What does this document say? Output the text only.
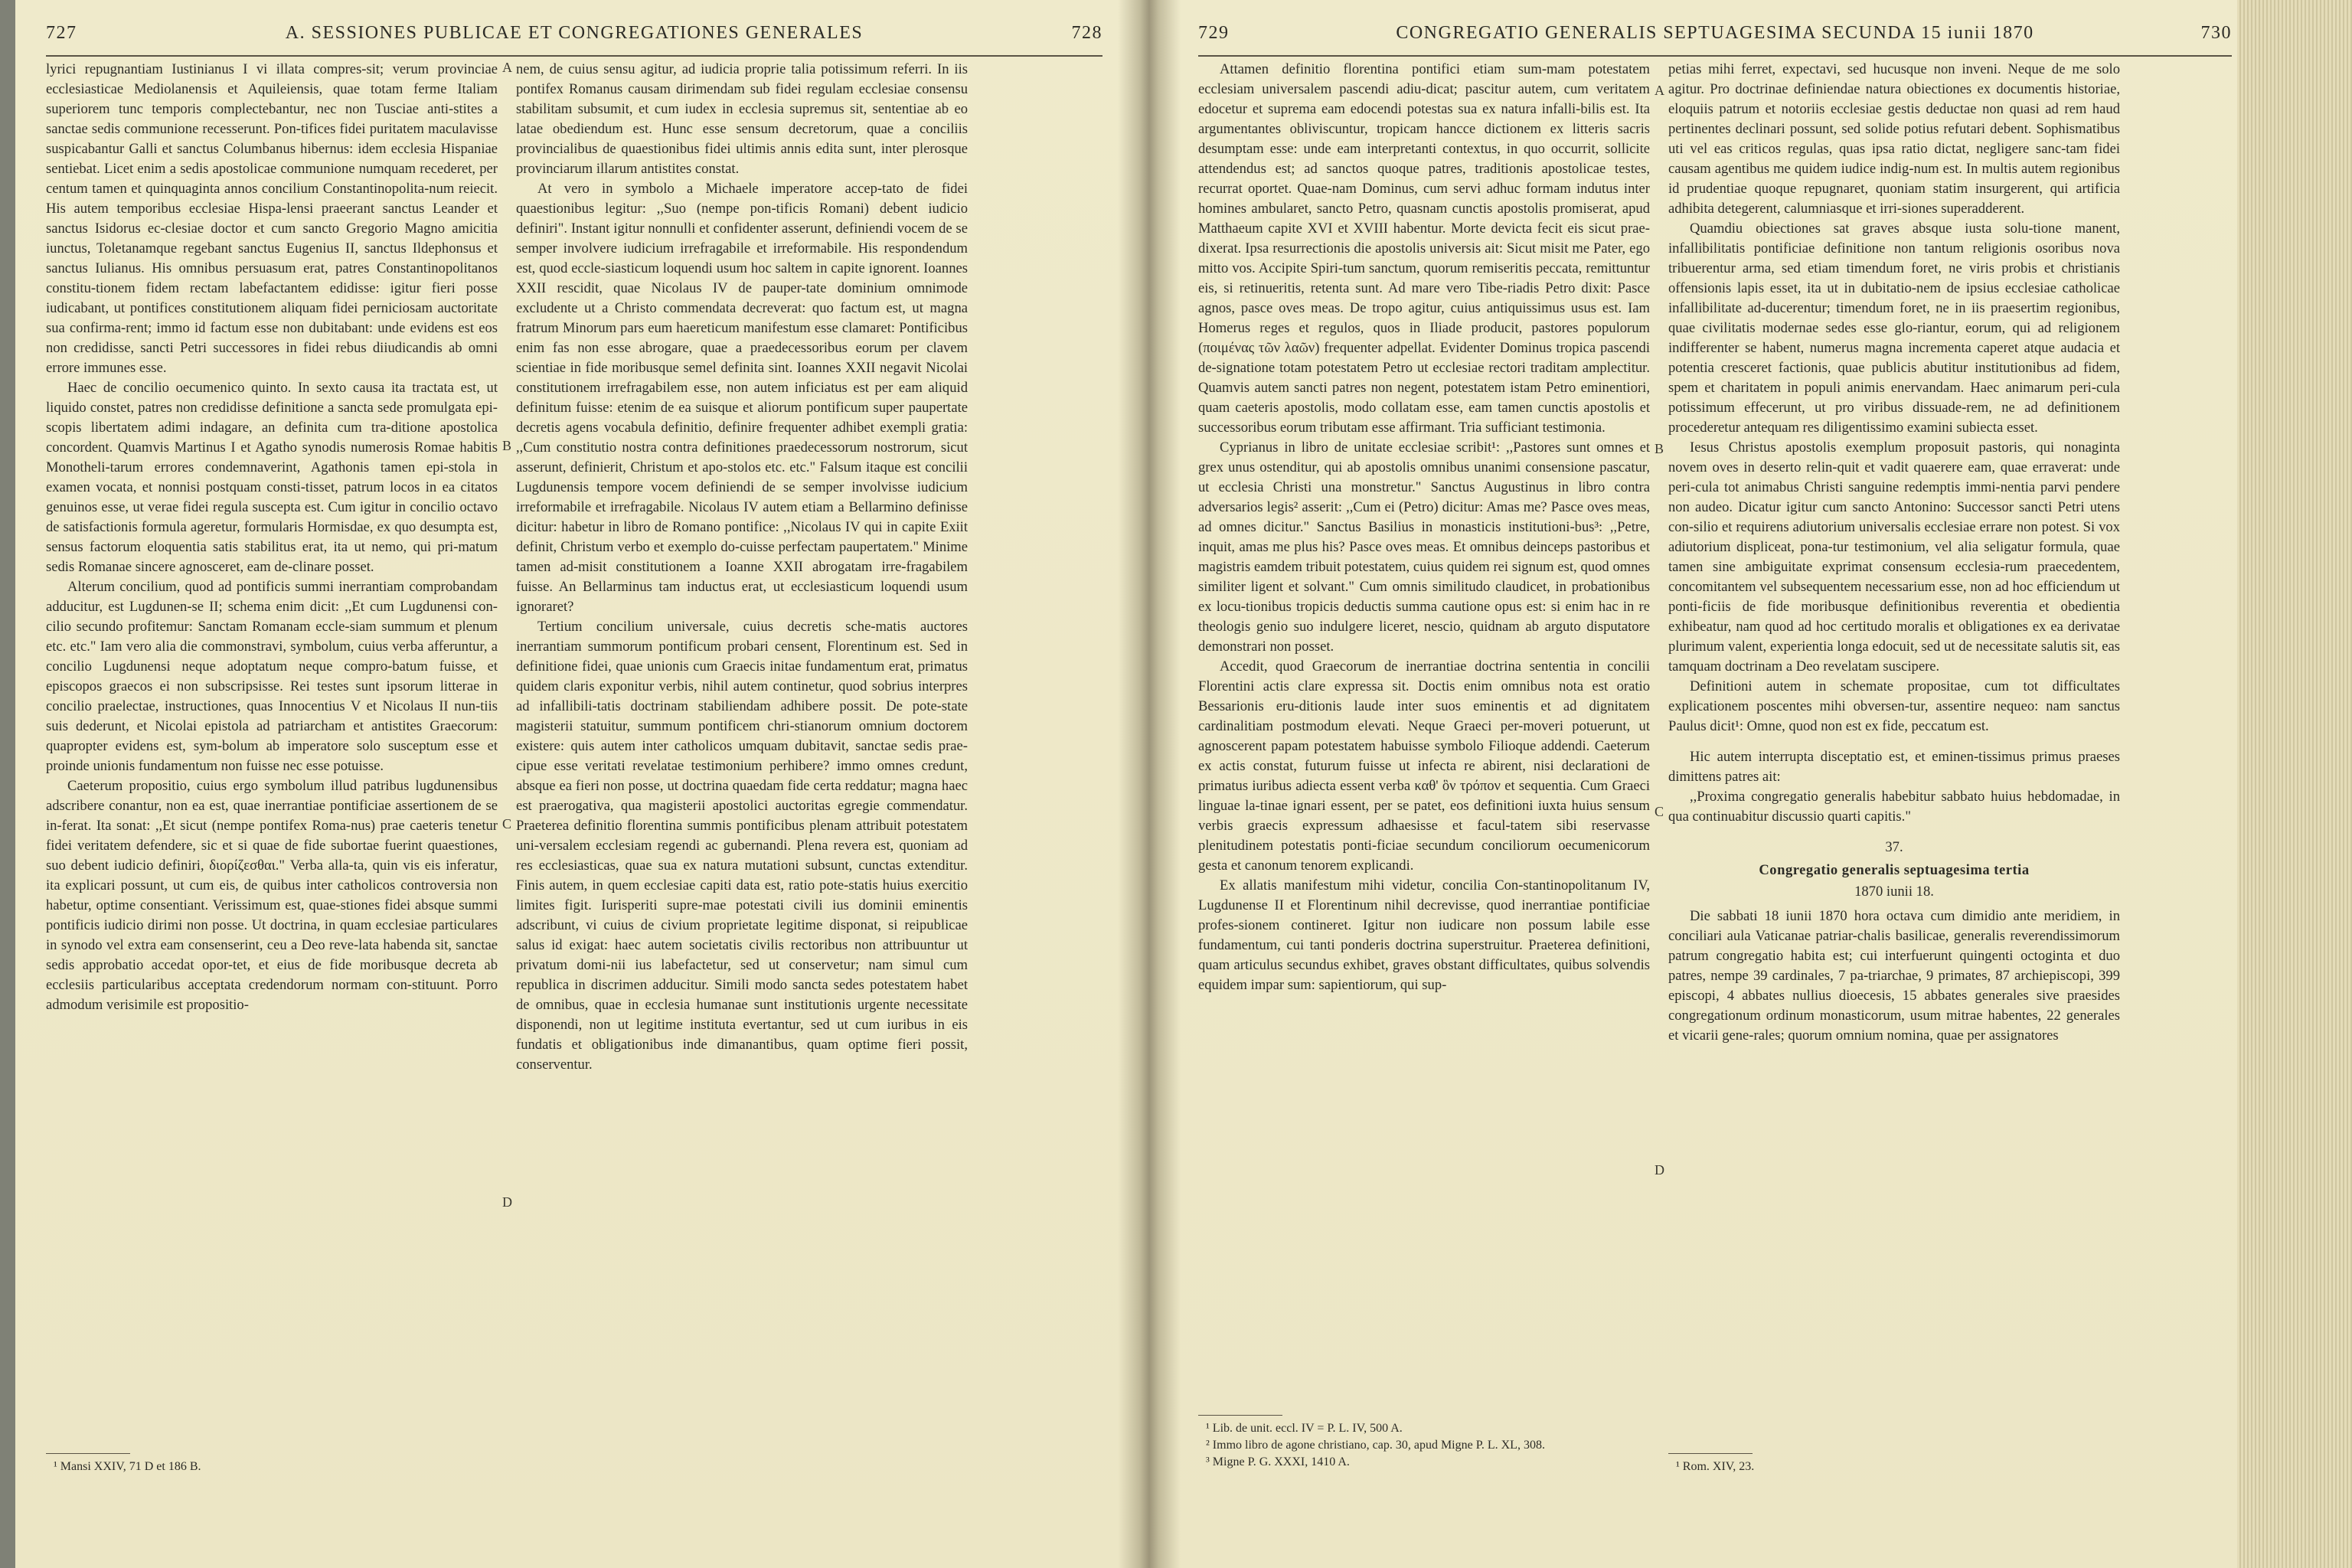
727	A. SESSIONES PUBLICAE ET CONGREGATIONES GENERALES	728

lyrici repugnantiam Iustinianus I vi illata compres-sit; verum provinciae ecclesiasticae Mediolanensis et Aquileiensis, quae totam ferme Italiam superiorem tunc temporis complectebantur, nec non Tusciae anti-stites a sanctae sedis communione recesserunt. Pon-tifices fidei puritatem maculavisse suspicabantur Galli et sanctus Columbanus hibernus: idem ecclesia Hispaniae sentiebat. Licet enim a sedis apostolicae communione numquam recederet, per centum tamen et quinquaginta annos concilium Constantinopolita-num reiecit. His autem temporibus ecclesiae Hispa-lensi praeerant sanctus Leander et sanctus Isidorus ec-clesiae doctor et cum sancto Gregorio Magno amicitia iunctus, Toletanamque regebant sanctus Eugenius II, sanctus Ildephonsus et sanctus Iulianus. His omnibus persuasum erat, patres Constantinopolitanos constitu-tionem fidem rectam labefactantem edidisse: igitur fieri posse iudicabant, ut pontifices constitutionem aliquam fidei perniciosam auctoritate sua confirma-rent; immo id factum esse non dubitabant: unde evidens est eos non credidisse, sancti Petri successores in fidei rebus diiudicandis ab omni errore immunes esse.

Haec de concilio oecumenico quinto. In sexto causa ita tractata est, ut liquido constet, patres non credidisse definitione a sancta sede promulgata epi-scopis libertatem adimi indagare, an definita cum tra-ditione apostolica concordent. Quamvis Martinus I et Agatho synodis numerosis Romae habitis Monotheli-tarum errores condemnaverint, Agathonis tamen epi-stola in examen vocata, et nonnisi postquam consti-tisset, patrum locos in ea citatos genuinos esse, ut verae fidei regula suscepta est. Cum igitur in concilio octavo de satisfactionis formula ageretur, formularis Hormisdae, ex quo desumpta est, sensus factorum eloquentia satis stabilitus erat, ita ut nemo, qui pri-matum sedis Romanae sincere agnosceret, eam de-clinare posset.

Alterum concilium, quod ad pontificis summi inerrantiam comprobandam adducitur, est Lugdunen-se II; schema enim dicit: ,,Et cum Lugdunensi con-cilio secundo profitemur: Sanctam Romanam eccle-siam summum et plenum etc. etc." Iam vero alia die commonstravi, symbolum, cuius verba afferuntur, a concilio Lugdunensi neque adoptatum neque compro-batum fuisse, et episcopos graecos ei non subscripsisse. Rei testes sunt ipsorum litterae in concilio praelectae, instructiones, quas Innocentius V et Nicolaus II nun-tiis suis dederunt, et Nicolai epistola ad patriarcham et antistites Graecorum: quapropter evidens est, sym-bolum ab imperatore solo susceptum esse et proinde unionis fundamentum non fuisse nec esse potuisse.

Caeterum propositio, cuius ergo symbolum illud patribus lugdunensibus adscribere conantur, non ea est, quae inerrantiae pontificiae assertionem de se in-ferat. Ita sonat: ,,Et sicut (nempe pontifex Roma-nus) prae caeteris tenetur fidei veritatem defendere, sic et si quae de fide subortae fuerint quaestiones, suo debent iudicio definiri, διορίζεσθαι." Verba alla-ta, quin vis eis inferatur, ita explicari possunt, ut cum eis, de quibus inter catholicos controversia non habetur, optime consentiant. Verissimum est, quae-stiones fidei absque summi pontificis iudicio dirimi non posse. Ut doctrina, in quam ecclesiae particulares in synodo vel extra eam consenserint, ceu a Deo reve-lata habenda sit, sanctae sedis approbatio accedat opor-tet, et eius de fide moribusque decreta ab ecclesiis particularibus acceptata credendorum normam con-stituunt. Porro admodum verisimile est propositio-

¹ Mansi XXIV, 71 D et 186 B.
A
B
C
D

nem, de cuius sensu agitur, ad iudicia proprie talia potissimum referri. In iis pontifex Romanus causam dirimendam sub fidei regulam ecclesiae consensu stabilitam subsumit, et cum iudex in ecclesia supremus sit, sententiae ab eo latae obediendum est. Hunc esse sensum decretorum, quae a conciliis provincialibus de quaestionibus fidei ultimis annis edita sunt, inter plerosque provinciarum illarum antistites constat.

At vero in symbolo a Michaele imperatore accep-tato de fidei quaestionibus legitur: ,,Suo (nempe pon-tificis Romani) debent iudicio definiri". Instant igitur nonnulli et confidenter asserunt, definiendi vocem de se semper involvere iudicium irrefragabile et irreformabile. His respondendum est, quod eccle-siasticum loquendi usum hoc saltem in capite ignorent. Ioannes XXII rescidit, quae Nicolaus IV de pauper-tate dominium omnimode excludente ut a Christo commendata decreverat: quo factum est, ut magna fratrum Minorum pars eum haereticum manifestum esse clamaret: Pontificibus enim fas non esse abrogare, quae a praedecessoribus eorum per clavem scientiae in fide moribusque semel definita sint. Ioannes XXII negavit Nicolai constitutionem irrefragabilem esse, non autem inficiatus est per eam aliquid definitum fuisse: etenim de ea suisque et aliorum pontificum super paupertate decretis agens vocabula definitio, definire frequenter adhibet exempli gratia: ,,Cum constitutio nostra contra definitiones praedecessorum nostrorum, sicut asserunt, definierit, Christum et apo-stolos etc. etc." Falsum itaque est concilii Lugdunensis tempore vocem definiendi de se semper involvisse iudicium irreformabile et irrefragabile. Nicolaus IV autem etiam a Bellarmino definisse dicitur: habetur in libro de Romano pontifice: ,,Nicolaus IV qui in capite Exiit definit, Christum verbo et exemplo do-cuisse perfectam paupertatem." Minime tamen ad-misit constitutionem a Ioanne XXII abrogatam irre-fragabilem fuisse. An Bellarminus tam inductus erat, ut ecclesiasticum loquendi usum ignoraret?

Tertium concilium universale, cuius decretis sche-matis auctores inerrantiam summorum pontificum probari censent, Florentinum est. Sed in definitione fidei, quae unionis cum Graecis initae fundamentum erat, primatus quidem claris exponitur verbis, nihil autem continetur, quod sobrius interpres ad infallibili-tatis doctrinam stabiliendam adhibere possit. De pote-state magisterii statuitur, summum pontificem chri-stianorum omnium doctorem existere: quis autem inter catholicos umquam dubitavit, sanctae sedis prae-cipue esse veritati revelatae testimonium perhibere? immo omnes credunt, absque ea fieri non posse, ut doctrina quaedam fide certa reddatur; magna haec est praerogativa, qua magisterii apostolici auctoritas egregie commendatur. Praeterea definitio florentina summis pontificibus plenam attribuit potestatem uni-versalem ecclesiam regendi ac gubernandi. Plena revera est, quoniam ad res ecclesiasticas, quae sua ex natura mutationi subsunt, cunctas extenditur. Finis autem, in quem ecclesiae capiti data est, ratio pote-statis huius exercitio limites figit. Iurisperiti supre-mae potestati civili ius dominii eminentis adscribunt, vi cuius de civium proprietate legitime disponat, si reipublicae salus id exigat: haec autem societatis civilis rectoribus non attribuuntur ut privatum domi-nii ius labefactetur, sed ut conservetur; nam simul cum republica in discrimen adducitur. Simili modo sancta sedes potestatem habet de omnibus, quae in ecclesia humanae sunt institutionis urgente necessitate disponendi, non ut legitime instituta evertantur, sed ut cum iuribus in eis fundatis et obligationibus inde dimanantibus, quam optime fieri possit, conserventur.

729	CONGREGATIO GENERALIS SEPTUAGESIMA SECUNDA 15 iunii 1870	730

Attamen definitio florentina pontifici etiam sum-mam potestatem ecclesiam universalem pascendi adiu-dicat; pascitur autem, cum veritatem edocetur et suprema eam edocendi potestas sua ex natura infalli-bilis est. Ita argumentantes obliviscuntur, tropicam hancce dictionem ex litteris sacris desumptam esse: unde eam interpretanti contextus, in quo occurrit, sollicite attendendus est; ad sanctos quoque patres, traditionis apostolicae testes, recurrat oportet. Quae-nam Dominus, cum servi adhuc formam indutus inter homines ambularet, sancto Petro, quasnam cunctis apostolis promiserat, apud Matthaeum capite XVI et XVIII habentur. Morte devicta fecit eis sicut prae-dixerat. Ipsa resurrectionis die apostolis universis ait: Sicut misit me Pater, ego mitto vos. Accipite Spiri-tum sanctum, quorum remiseritis peccata, remittuntur eis, si retinueritis, retenta sunt. Ad mare vero Tibe-riadis Petro dixit: Pasce agnos, pasce oves meas. De tropo agitur, cuius antiquissimus usus est. Iam Homerus reges et regulos, quos in Iliade producit, pastores populorum (ποιμένας τῶν λαῶν) frequenter adpellat. Evidenter Dominus tropica pascendi de-signatione totam potestatem Petro ut ecclesiae rectori traditam amplectitur. Quamvis autem sancti patres non negent, potestatem istam Petro eminentiori, quam caeteris apostolis, modo collatam esse, eam tamen cunctis apostolis et successoribus eorum tributam esse affirmant. Tria sufficiant testimonia.

Cyprianus in libro de unitate ecclesiae scribit¹: ,,Pastores sunt omnes et grex unus ostenditur, qui ab apostolis omnibus unanimi consensione pascatur, ut ecclesia Christi una monstretur." Sanctus Augustinus in libro contra adversarios legis² asserit: ,,Cum ei (Petro) dicitur: Amas me? Pasce oves meas, ad omnes dicitur." Sanctus Basilius in monasticis institutioni-bus³: ,,Petre, inquit, amas me plus his? Pasce oves meas. Et omnibus deinceps pastoribus et magistris eamdem tribuit potestatem, cuius quidem rei signum est, quod omnes similiter ligent et solvant." Cum omnis similitudo claudicet, in probationibus ex locu-tionibus tropicis deductis summa cautione opus est: si enim hac in re theologis genio suo indulgere liceret, nescio, quidnam ab arguto disputatore demonstrari non posset.

Accedit, quod Graecorum de inerrantiae doctrina sententia in concilii Florentini actis clare expressa sit. Doctis enim omnibus nota est oratio Bessarionis eru-ditionis laude inter suos eminentis et ad dignitatem cardinalitiam postmodum elevati. Neque Graeci per-moveri potuerunt, ut agnoscerent papam potestatem habuisse symbolo Filioque addendi. Caeterum ex actis constat, futurum fuisse ut infecta re abirent, nisi declarationi de primatus iuribus adiecta essent verba καθ' ὃν τρόπον et sequentia. Cum Graeci linguae la-tinae ignari essent, per se patet, eos definitioni iuxta huius sensum verbis graecis expressum adhaesisse et facul-tatem sibi reservasse plenitudinem potestatis ponti-ficiae secundum conciliorum oecumenicorum gesta et canonum tenorem explicandi.

Ex allatis manifestum mihi videtur, concilia Con-stantinopolitanum IV, Lugdunense II et Florentinum nihil decrevisse, quod inerrantiae pontificiae profes-sionem contineret. Igitur non iudicare non possum labile esse fundamentum, cui tanti ponderis doctrina superstruitur. Praeterea definitioni, quam articulus secundus exhibet, graves obstant difficultates, quibus solvendis equidem impar sum: sapientiorum, qui sup-

¹ Lib. de unit. eccl. IV = P. L. IV, 500 A.
² Immo libro de agone christiano, cap. 30, apud Migne P. L. XL, 308.
³ Migne P. G. XXXI, 1410 A.
A
B
C
D

petias mihi ferret, expectavi, sed hucusque non inveni. Neque de me solo agitur. Pro doctrinae definiendae natura obiectiones ex documentis historiae, eloquiis patrum et notoriis ecclesiae gestis deductae non quasi ad rem haud pertinentes declinari possunt, sed solide potius refutari debent. Sophismatibus uti vel eas criticos regulas, quas ipsa ratio dictat, negligere sanc-tam fidei causam agentibus me quidem iudice indig-num est. In multis autem regionibus id prudentiae quoque repugnaret, quoniam statim insurgerent, qui artificia adhibita detegerent, calumniasque et irri-siones superadderent.

Quamdiu obiectiones sat graves absque iusta solu-tione manent, infallibilitatis pontificiae definitione non tantum religionis osoribus nova tribuerentur arma, sed etiam timendum foret, ne viris probis et christianis offensionis lapis esset, ita ut in dubitatio-nem de ipsius ecclesiae catholicae infallibilitate ad-ducerentur; timendum foret, ne in iis praesertim regionibus, quae civilitatis modernae sedes esse glo-riantur, eorum, qui ad religionem indifferenter se habent, numerus magna incrementa caperet atque audacia et potentia cresceret factionis, quae publicis abutitur institutionibus ad fidem, spem et charitatem in populi animis enervandam. Haec animarum peri-cula potissimum effecerunt, ut pro viribus dissuade-rem, ne ad definitionem procederetur antequam res diligentissimo examini subiecta esset.

Iesus Christus apostolis exemplum proposuit pastoris, qui nonaginta novem oves in deserto relin-quit et vadit quaerere eam, quae erraverat: unde peri-cula tot animabus Christi sanguine redemptis immi-nentia parvi pendere non audeo. Dicatur igitur cum sancto Antonino: Successor sancti Petri utens con-silio et requirens adiutorium universalis ecclesiae errare non potest. Si vox adiutorium displiceat, pona-tur testimonium, vel alia seligatur formula, quae tamen sine ambiguitate exprimat consensum ecclesia-rum praecedentem, concomitantem vel subsequentem necessarium esse, non ad hoc efficiendum ut ponti-ficiis de fide moribusque definitionibus reverentia et obedientia exhibeatur, nam quod ad hoc certitudo moralis et obligationes ex ea derivatae plurimum valent, experientia longa edocuit, sed ut de necessitate salutis sit, eas tamquam doctrinam a Deo revelatam suscipere.

Definitioni autem in schemate propositae, cum tot difficultates explicationem poscentes mihi obversen-tur, assentire nequeo: nam sanctus Paulus dicit¹: Omne, quod non est ex fide, peccatum est.

Hic autem interrupta disceptatio est, et eminen-tissimus primus praeses dimittens patres ait:

,,Proxima congregatio generalis habebitur sabbato huius hebdomadae, in qua continuabitur discussio quarti capitis."

37.

Congregatio generalis septuagesima tertia

1870 iunii 18.

Die sabbati 18 iunii 1870 hora octava cum dimidio ante meridiem, in conciliari aula Vaticanae patriar-chalis basilicae, generalis reverendissimorum patrum congregatio habita est; cui interfuerunt quingenti octoginta et duo patres, nempe 39 cardinales, 7 pa-triarchae, 9 primates, 87 archiepiscopi, 399 episcopi, 4 abbates nullius dioecesis, 15 abbates generales sive praesides congregationum ordinum monasticorum, usum mitrae habentes, 22 generales et vicarii gene-rales; quorum omnium nomina, quae per assignatores

¹ Rom. XIV, 23.
